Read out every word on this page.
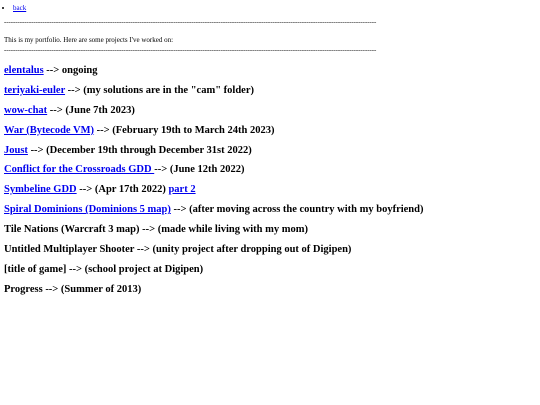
• back
=====================================================================================================================================================================
This is my portfolio. Here are some projects I've worked on:
=====================================================================================================================================================================
elentalus --> ongoing
teriyaki-euler --> (my solutions are in the "cam" folder)
wow-chat --> (June 7th 2023)
War (Bytecode VM) --> (February 19th to March 24th 2023)
Joust --> (December 19th through December 31st 2022)
Conflict for the Crossroads GDD --> (June 12th 2022)
Symbeline GDD --> (Apr 17th 2022) part 2
Spiral Dominions (Dominions 5 map) --> (after moving across the country with my boyfriend)
Tile Nations (Warcraft 3 map) --> (made while living with my mom)
Untitled Multiplayer Shooter --> (unity project after dropping out of Digipen)
[title of game] --> (school project at Digipen)
Progress --> (Summer of 2013)
